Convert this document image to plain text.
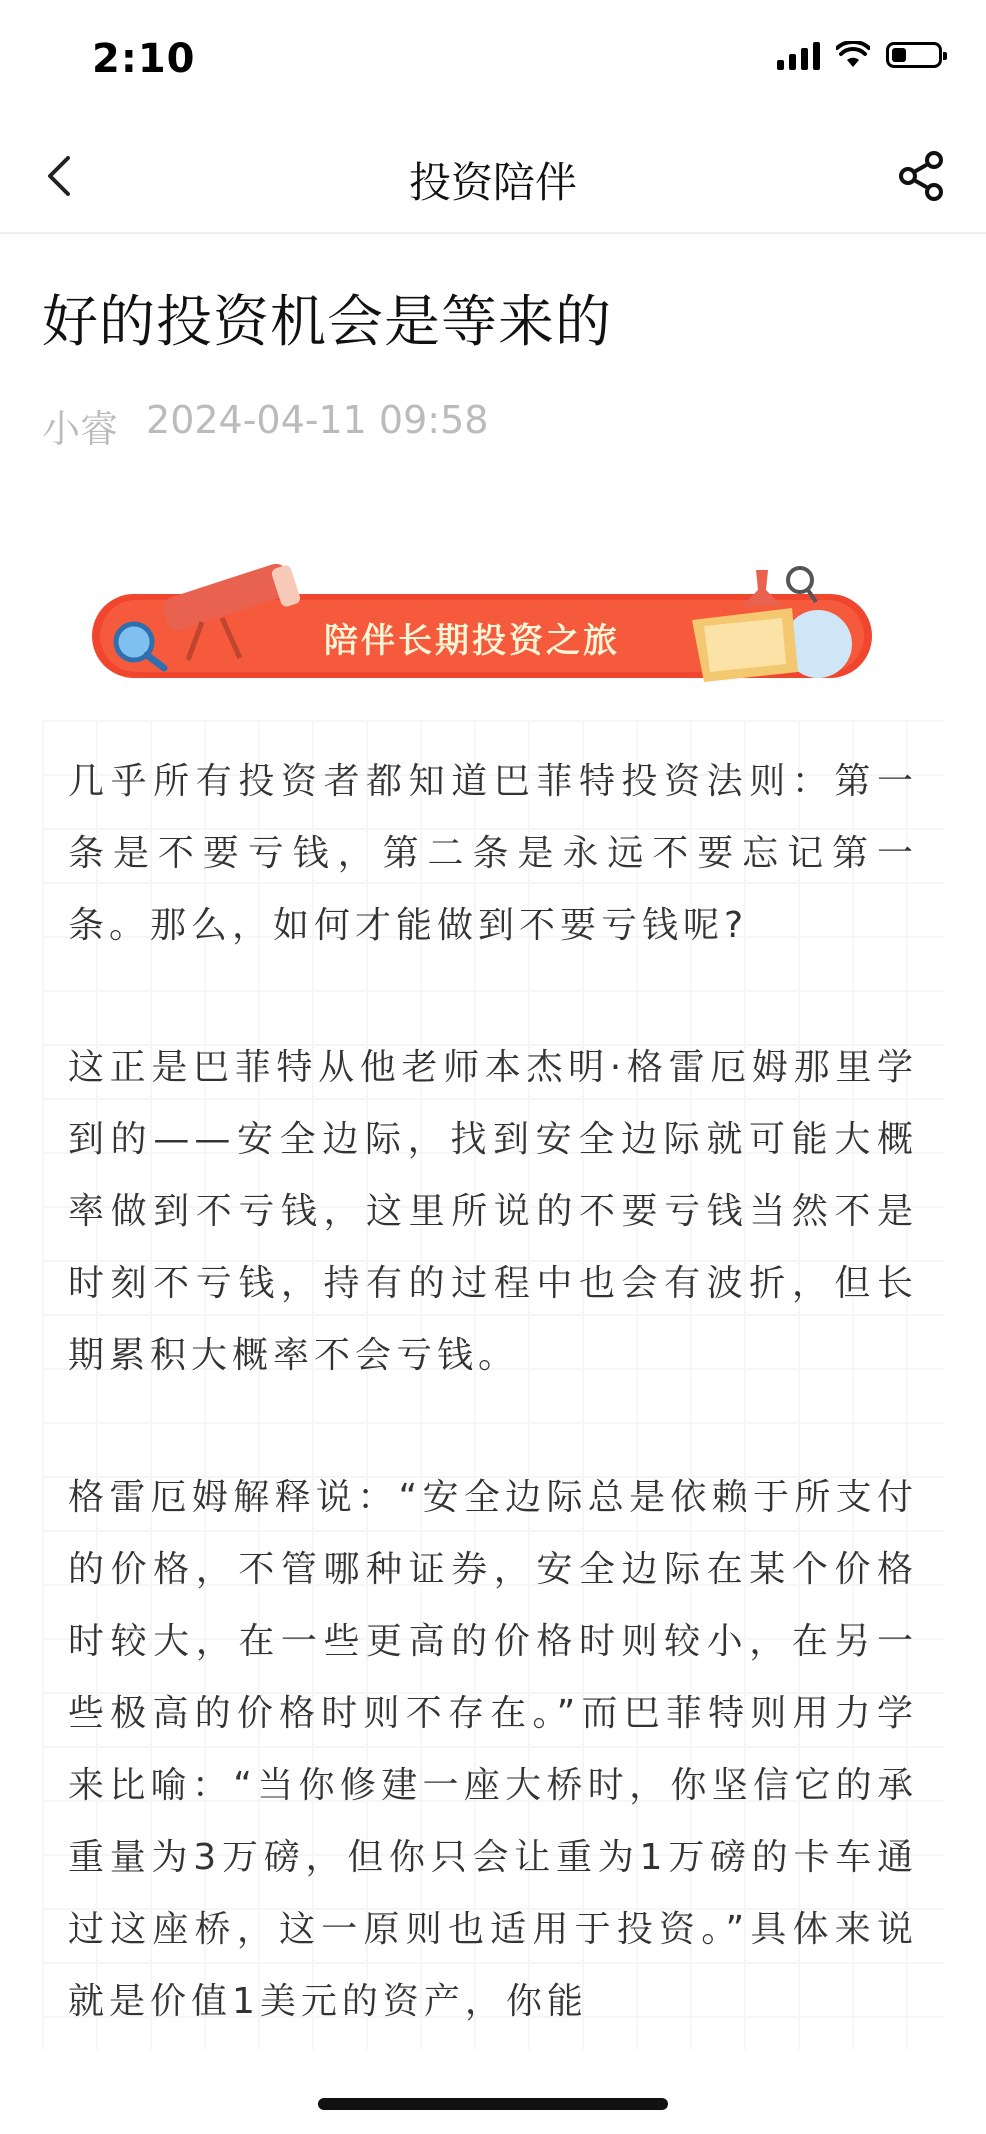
2:10
投资陪伴
好的投资机会是等来的
小睿 2024-04-11 09:58
陪伴长期投资之旅

几乎所有投资者都知道巴菲特投资法则：第一条是不要亏钱，第二条是永远不要忘记第一条。那么，如何才能做到不要亏钱呢?

这正是巴菲特从他老师本杰明·格雷厄姆那里学到的——安全边际，找到安全边际就可能大概率做到不亏钱，这里所说的不要亏钱当然不是时刻不亏钱，持有的过程中也会有波折，但长期累积大概率不会亏钱。

格雷厄姆解释说：“安全边际总是依赖于所支付的价格，不管哪种证券，安全边际在某个价格时较大，在一些更高的价格时则较小，在另一些极高的价格时则不存在。”而巴菲特则用力学来比喻：“当你修建一座大桥时，你坚信它的承重量为3万磅，但你只会让重为1万磅的卡车通过这座桥，这一原则也适用于投资。”具体来说就是价值1美元的资产，你能
